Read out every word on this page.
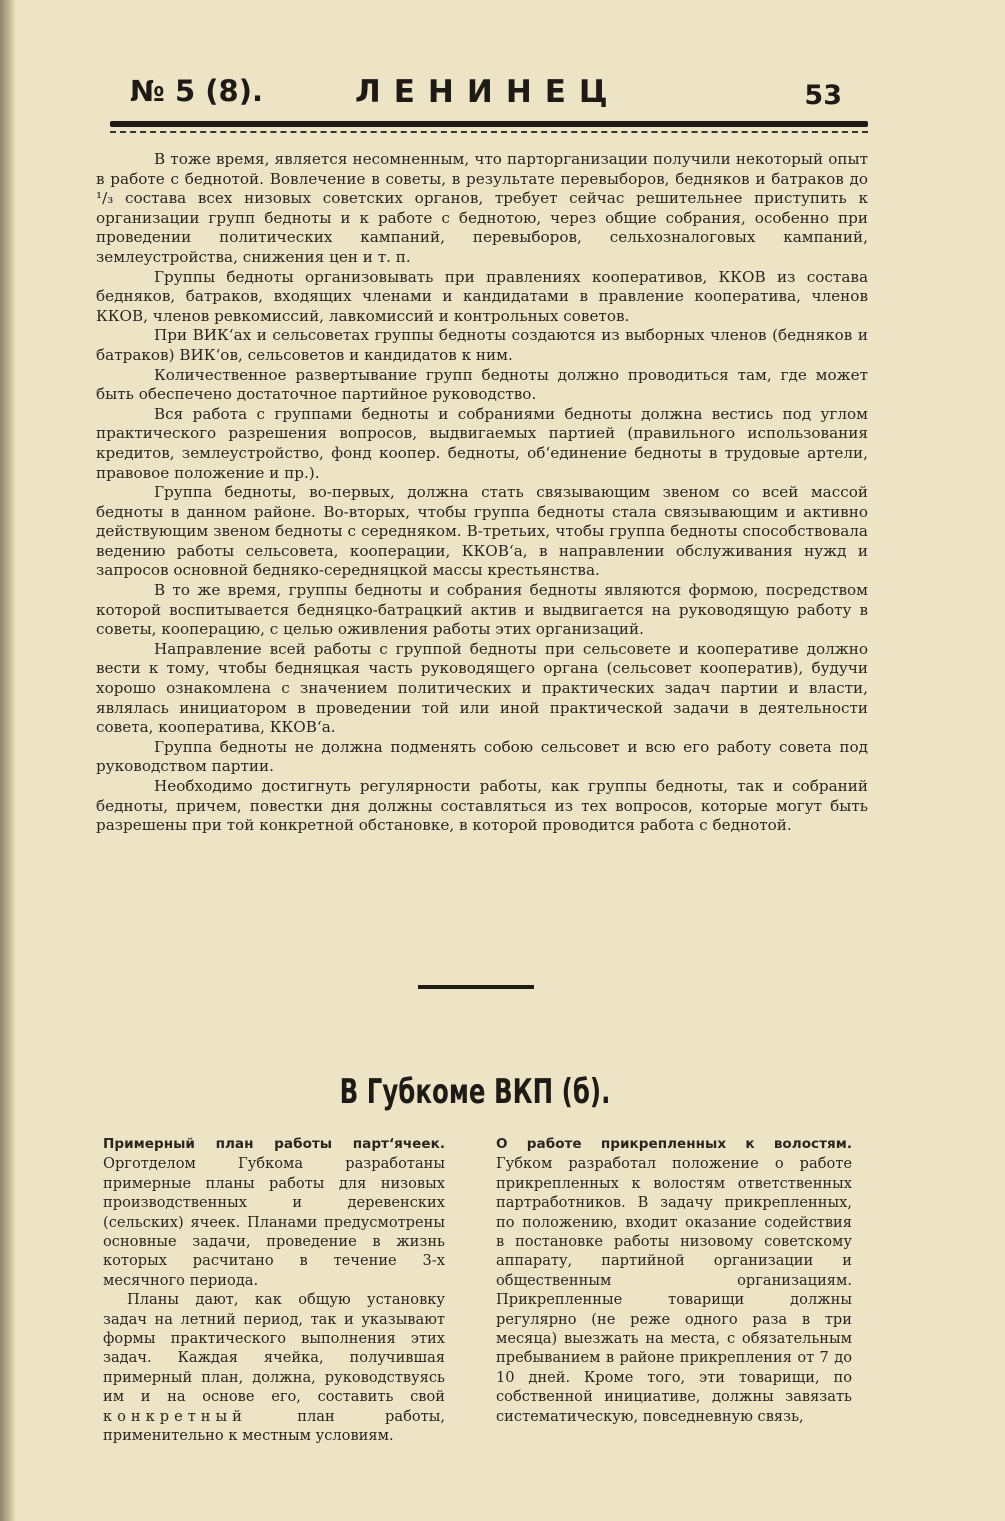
№ 5 (8).	ЛЕНИНЕЦ	53

В тоже время, является несомненным, что парторганизации получили некоторый опыт в работе с беднотой. Вовлечение в советы, в результате перевыборов, бедняков и батраков до ¹/₃ состава всех низовых советских органов, требует сейчас решительнее приступить к организации групп бедноты и к работе с беднотою, через общие собрания, особенно при проведении политических кампаний, перевыборов, сельхозналоговых кампаний, землеустройства, снижения цен и т. п.

Группы бедноты организовывать при правлениях кооперативов, ККОВ из состава бедняков, батраков, входящих членами и кандидатами в правление кооператива, членов ККОВ, членов ревкомиссий, лавкомиссий и контрольных советов.

При ВИК‘ах и сельсоветах группы бедноты создаются из выборных членов (бедняков и батраков) ВИК‘ов, сельсоветов и кандидатов к ним.

Количественное развертывание групп бедноты должно проводиться там, где может быть обеспечено достаточное партийное руководство.

Вся работа с группами бедноты и собраниями бедноты должна вестись под углом практического разрешения вопросов, выдвигаемых партией (правильного использования кредитов, землеустройство, фонд коопер. бедноты, об‘единение бедноты в трудовые артели, правовое положение и пр.).

Группа бедноты, во-первых, должна стать связывающим звеном со всей массой бедноты в данном районе. Во-вторых, чтобы группа бедноты стала связывающим и активно действующим звеном бедноты с середняком. В-третьих, чтобы группа бедноты способствовала ведению работы сельсовета, кооперации, ККОВ‘а, в направлении обслуживания нужд и запросов основной бедняко-середняцкой массы крестьянства.

В то же время, группы бедноты и собрания бедноты являются формою, посредством которой воспитывается бедняцко-батрацкий актив и выдвигается на руководящую работу в советы, кооперацию, с целью оживления работы этих организаций.

Направление всей работы с группой бедноты при сельсовете и кооперативе должно вести к тому, чтобы бедняцкая часть руководящего органа (сельсовет кооператив), будучи хорошо ознакомлена с значением политических и практических задач партии и власти, являлась инициатором в проведении той или иной практической задачи в деятельности совета, кооператива, ККОВ‘а.

Группа бедноты не должна подменять собою сельсовет и всю его работу совета под руководством партии.

Необходимо достигнуть регулярности работы, как группы бедноты, так и собраний бедноты, причем, повестки дня должны составляться из тех вопросов, которые могут быть разрешены при той конкретной обстановке, в которой проводится работа с беднотой.

В Губкоме ВКП (б).

Примерный план работы парт‘ячеек. Орготделом Губкома разработаны примерные планы работы для низовых производственных и деревенских (сельских) ячеек. Планами предусмотрены основные задачи, проведение в жизнь которых расчитано в течение 3-х месячного периода.

Планы дают, как общую установку задач на летний период, так и указывают формы практического выполнения этих задач. Каждая ячейка, получившая примерный план, должна, руководствуясь им и на основе его, составить свой конкретный	план работы, применительно к местным условиям.

О работе прикрепленных к волостям. Губком разработал положение о работе прикрепленных к волостям ответственных партработников. В задачу прикрепленных, по положению, входит оказание содействия в постановке работы низовому советскому аппарату, партийной организации и общественным организациям. Прикрепленные товарищи должны регулярно (не реже одного раза в три месяца) выезжать на места, с обязательным пребыванием в районе прикрепления от 7 до 10 дней. Кроме того, эти товарищи, по собственной инициативе, должны завязать систематическую, повседневную связь,
